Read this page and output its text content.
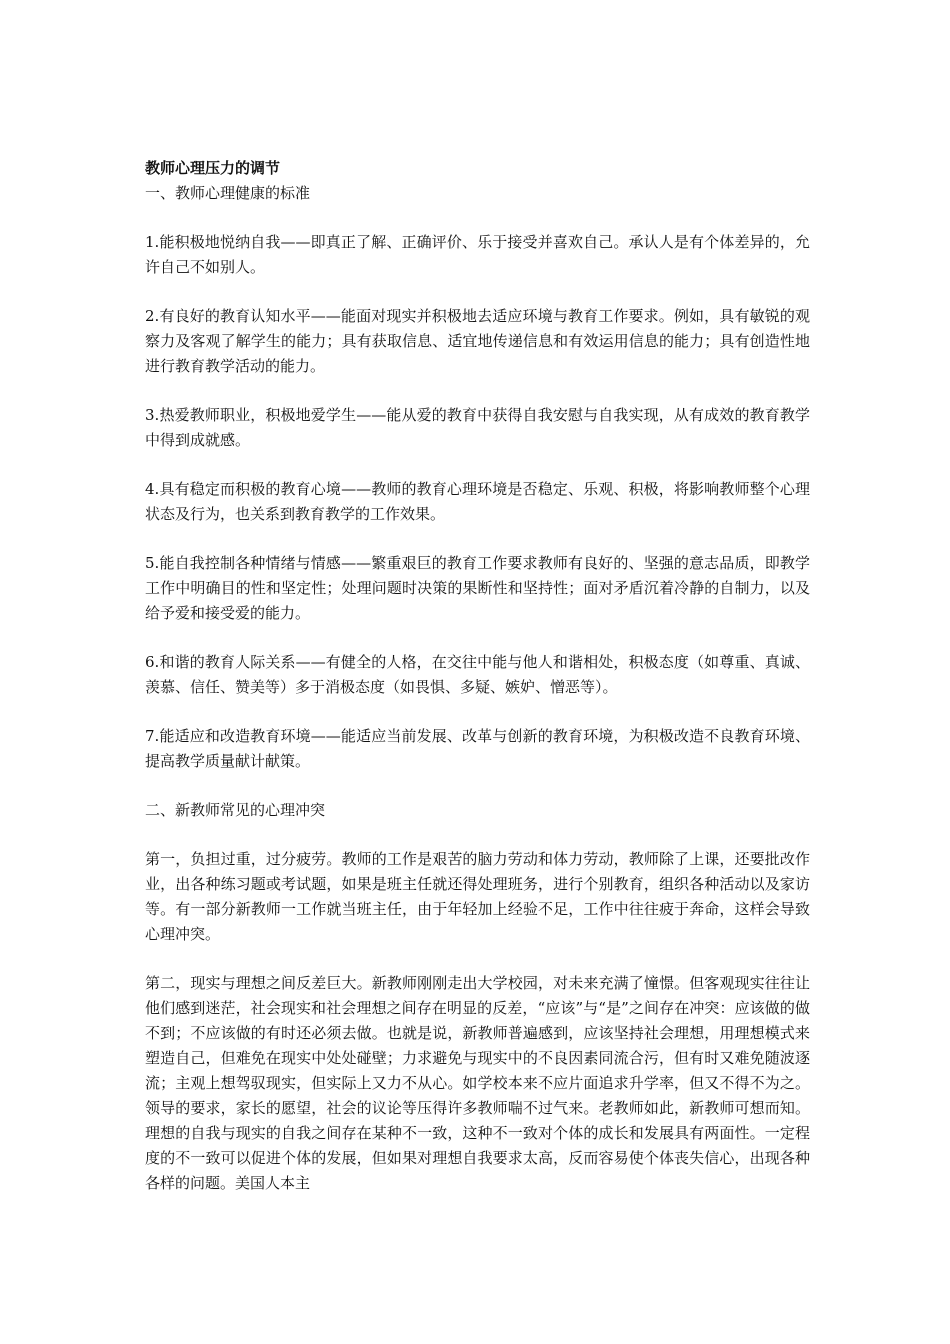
教师心理压力的调节

一、教师心理健康的标准

1.能积极地悦纳自我——即真正了解、正确评价、乐于接受并喜欢自己。承认人是有个体差异的，允许自己不如别人。

2.有良好的教育认知水平——能面对现实并积极地去适应环境与教育工作要求。例如，具有敏锐的观察力及客观了解学生的能力；具有获取信息、适宜地传递信息和有效运用信息的能力；具有创造性地进行教育教学活动的能力。

3.热爱教师职业，积极地爱学生——能从爱的教育中获得自我安慰与自我实现，从有成效的教育教学中得到成就感。

4.具有稳定而积极的教育心境——教师的教育心理环境是否稳定、乐观、积极，将影响教师整个心理状态及行为，也关系到教育教学的工作效果。

5.能自我控制各种情绪与情感——繁重艰巨的教育工作要求教师有良好的、坚强的意志品质，即教学工作中明确目的性和坚定性；处理问题时决策的果断性和坚持性；面对矛盾沉着冷静的自制力，以及给予爱和接受爱的能力。

6.和谐的教育人际关系——有健全的人格，在交往中能与他人和谐相处，积极态度（如尊重、真诚、羡慕、信任、赞美等）多于消极态度（如畏惧、多疑、嫉妒、憎恶等）。

7.能适应和改造教育环境——能适应当前发展、改革与创新的教育环境，为积极改造不良教育环境、提高教学质量献计献策。

二、新教师常见的心理冲突

第一，负担过重，过分疲劳。教师的工作是艰苦的脑力劳动和体力劳动，教师除了上课，还要批改作业，出各种练习题或考试题，如果是班主任就还得处理班务，进行个别教育，组织各种活动以及家访等。有一部分新教师一工作就当班主任，由于年轻加上经验不足，工作中往往疲于奔命，这样会导致心理冲突。

第二，现实与理想之间反差巨大。新教师刚刚走出大学校园，对未来充满了憧憬。但客观现实往往让他们感到迷茫，社会现实和社会理想之间存在明显的反差，“应该”与“是”之间存在冲突：应该做的做不到；不应该做的有时还必须去做。也就是说，新教师普遍感到，应该坚持社会理想，用理想模式来塑造自己，但难免在现实中处处碰壁；力求避免与现实中的不良因素同流合污，但有时又难免随波逐流；主观上想驾驭现实，但实际上又力不从心。如学校本来不应片面追求升学率，但又不得不为之。领导的要求，家长的愿望，社会的议论等压得许多教师喘不过气来。老教师如此，新教师可想而知。理想的自我与现实的自我之间存在某种不一致，这种不一致对个体的成长和发展具有两面性。一定程度的不一致可以促进个体的发展，但如果对理想自我要求太高，反而容易使个体丧失信心，出现各种各样的问题。美国人本主
